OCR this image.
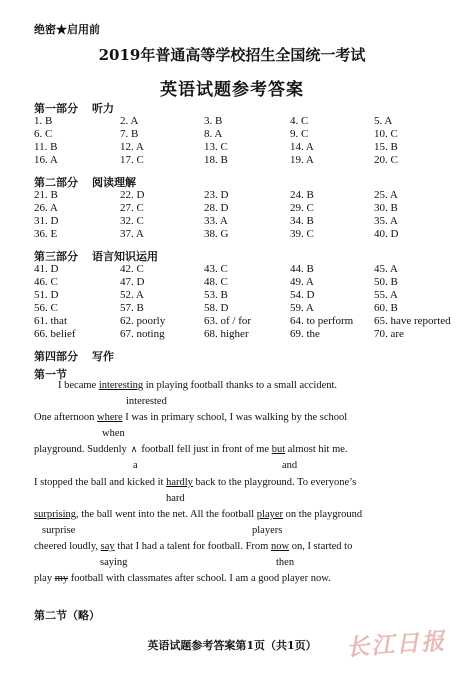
绝密★启用前
2019年普通高等学校招生全国统一考试
英语试题参考答案
第一部分 听力
1. B	2. A	3. B	4. C	5. A
6. C	7. B	8. A	9. C	10. C
11. B	12. A	13. C	14. A	15. B
16. A	17. C	18. B	19. A	20. C
第二部分 阅读理解
21. B	22. D	23. D	24. B	25. A
26. A	27. C	28. D	29. C	30. B
31. D	32. C	33. A	34. B	35. A
36. E	37. A	38. G	39. C	40. D
第三部分 语言知识运用
41. D	42. C	43. C	44. B	45. A
46. C	47. D	48. C	49. A	50. B
51. D	52. A	53. B	54. D	55. A
56. C	57. B	58. D	59. A	60. B
61. that	62. poorly	63. of / for	64. to perform 65. have reported
66. belief	67. noting	68. higher	69. the	70. are
第四部分 写作
第一节
I became interesting in playing football thanks to a small accident.
interested
One afternoon where I was in primary school, I was walking by the school
when
playground. Suddenly ∧ football fell just in front of me but almost hit me.
a	and
I stopped the ball and kicked it hardly back to the playground. To everyone’s
hard
surprising, the ball went into the net. All the football player on the playground
surprise	players
cheered loudly, say that I had a talent for football. From now on, I started to
saying	then
play my football with classmates after school. I am a good player now.
第二节（略）
英语试题参考答案第1页（共1页）	长江日报
